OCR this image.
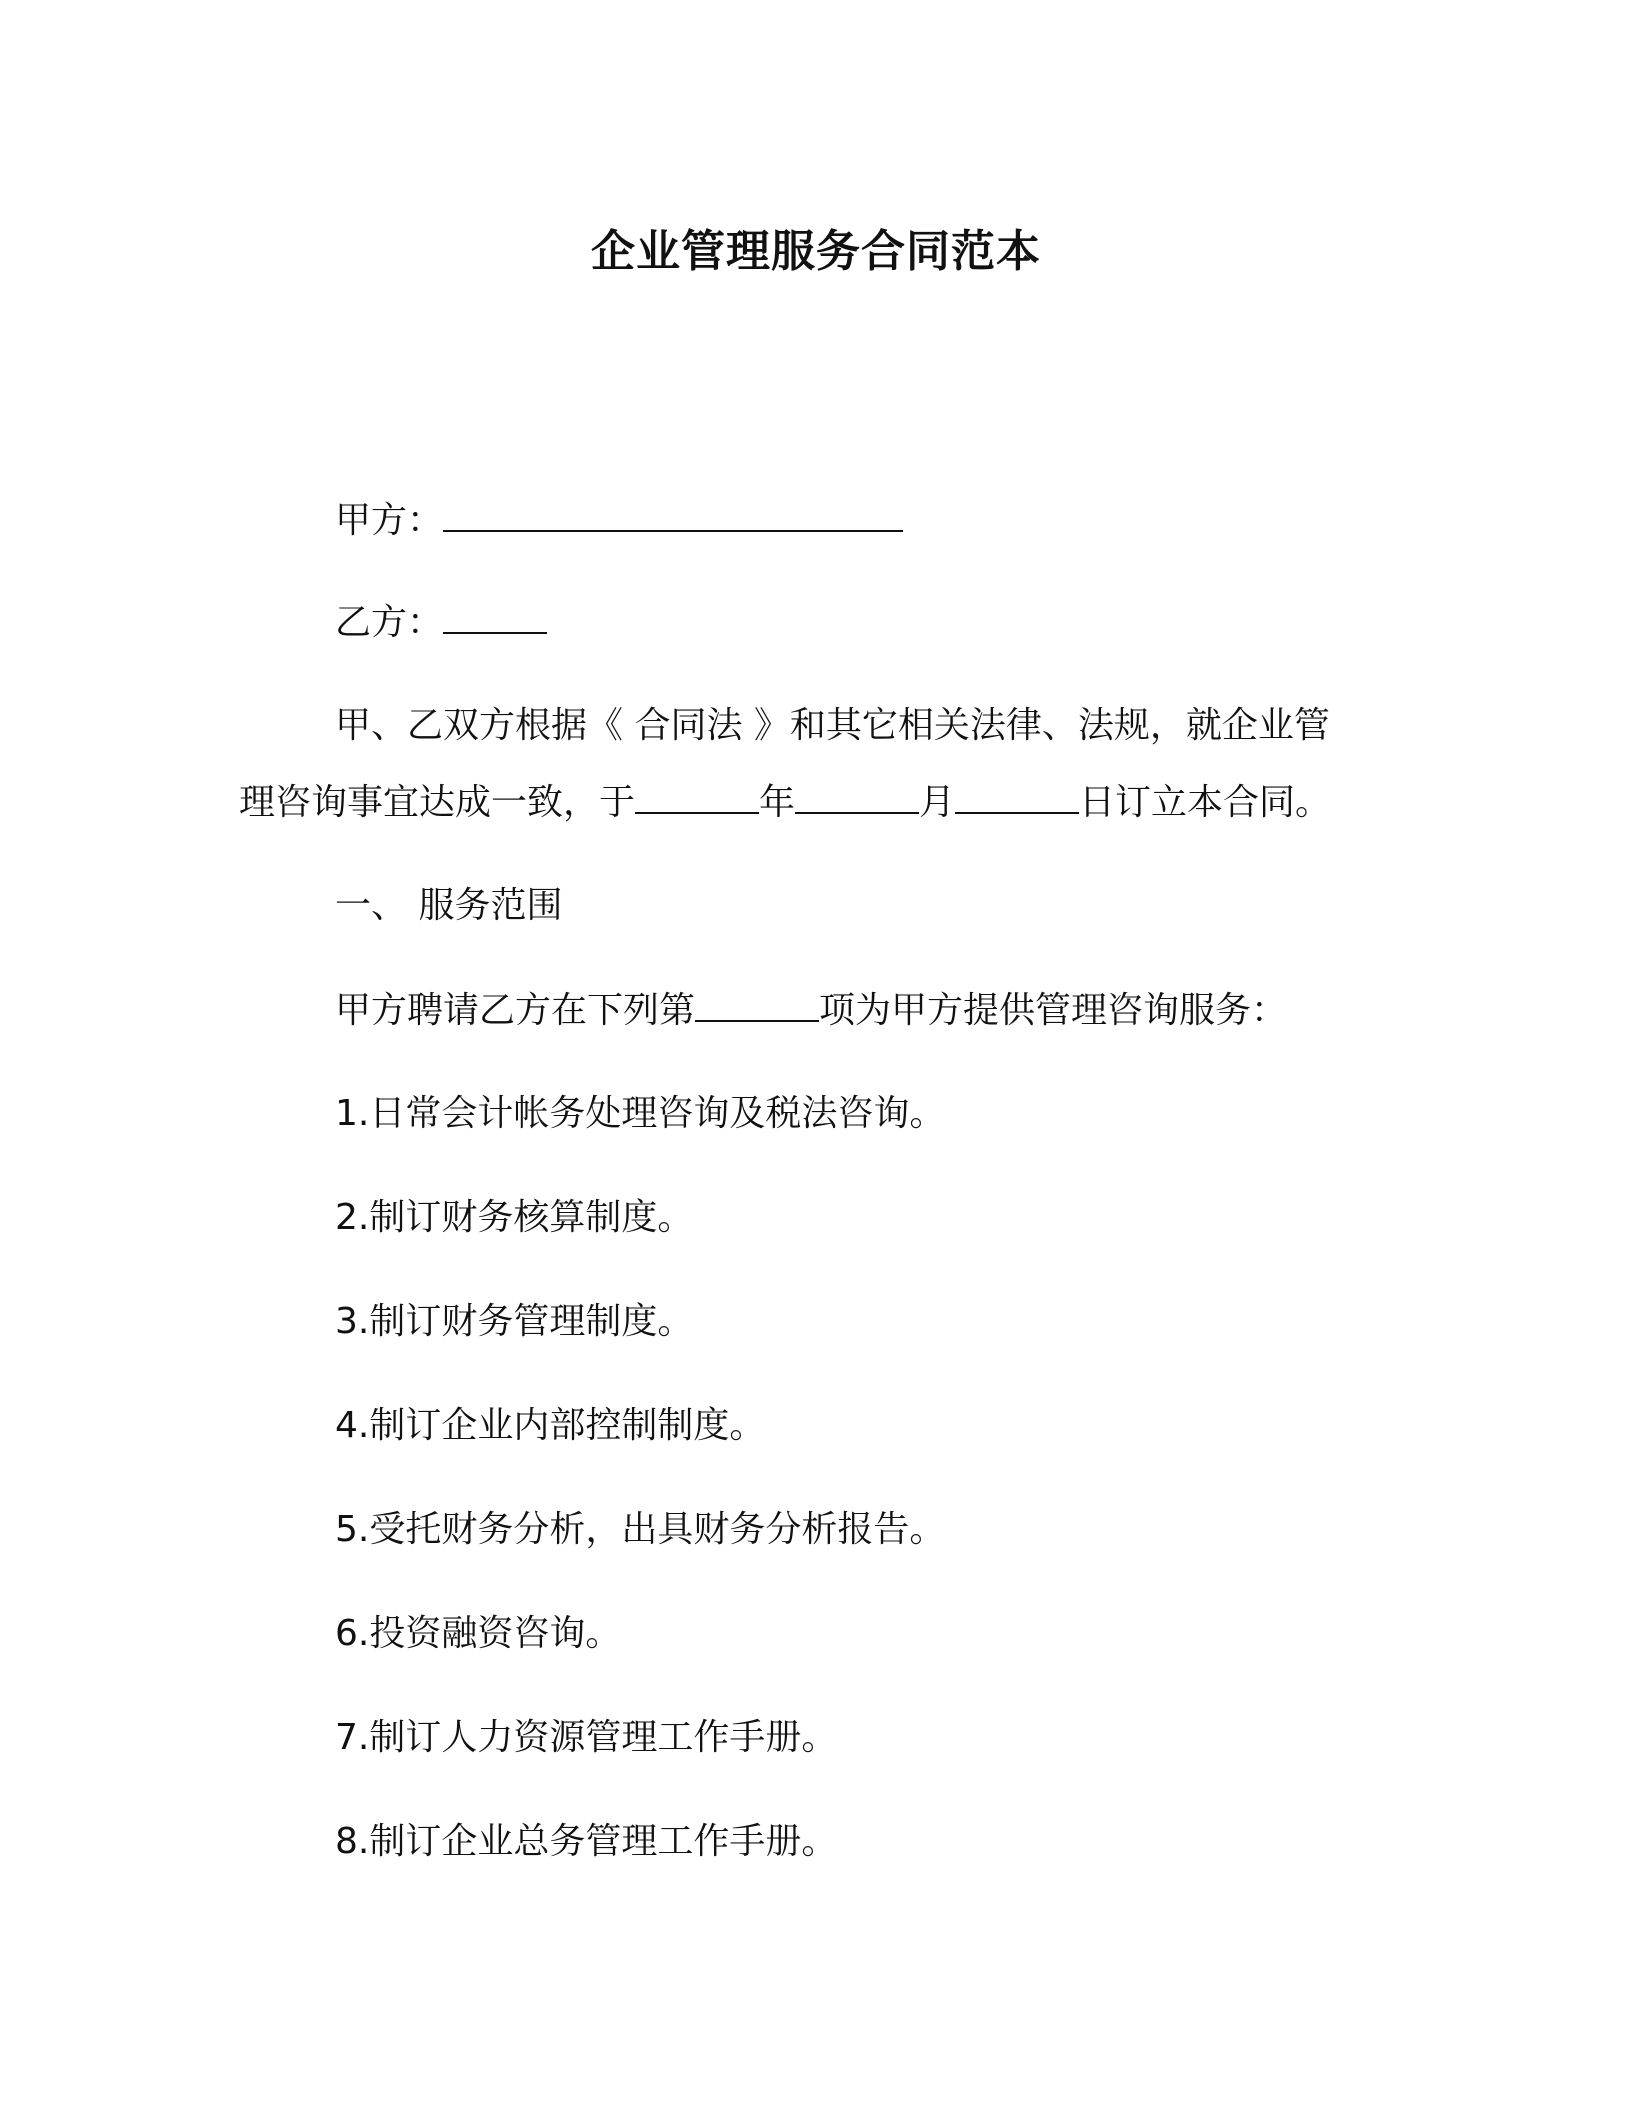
企业管理服务合同范本

甲方：

乙方：

甲、乙双方根据《 合同法 》和其它相关法律、法规，就企业管

理咨询事宜达成一致，于	年	月	日订立本合同。

一、 服务范围

甲方聘请乙方在下列第	项为甲方提供管理咨询服务：

1.日常会计帐务处理咨询及税法咨询。

2.制订财务核算制度。

3.制订财务管理制度。

4.制订企业内部控制制度。

5.受托财务分析，出具财务分析报告。

6.投资融资咨询。

7.制订人力资源管理工作手册。

8.制订企业总务管理工作手册。
